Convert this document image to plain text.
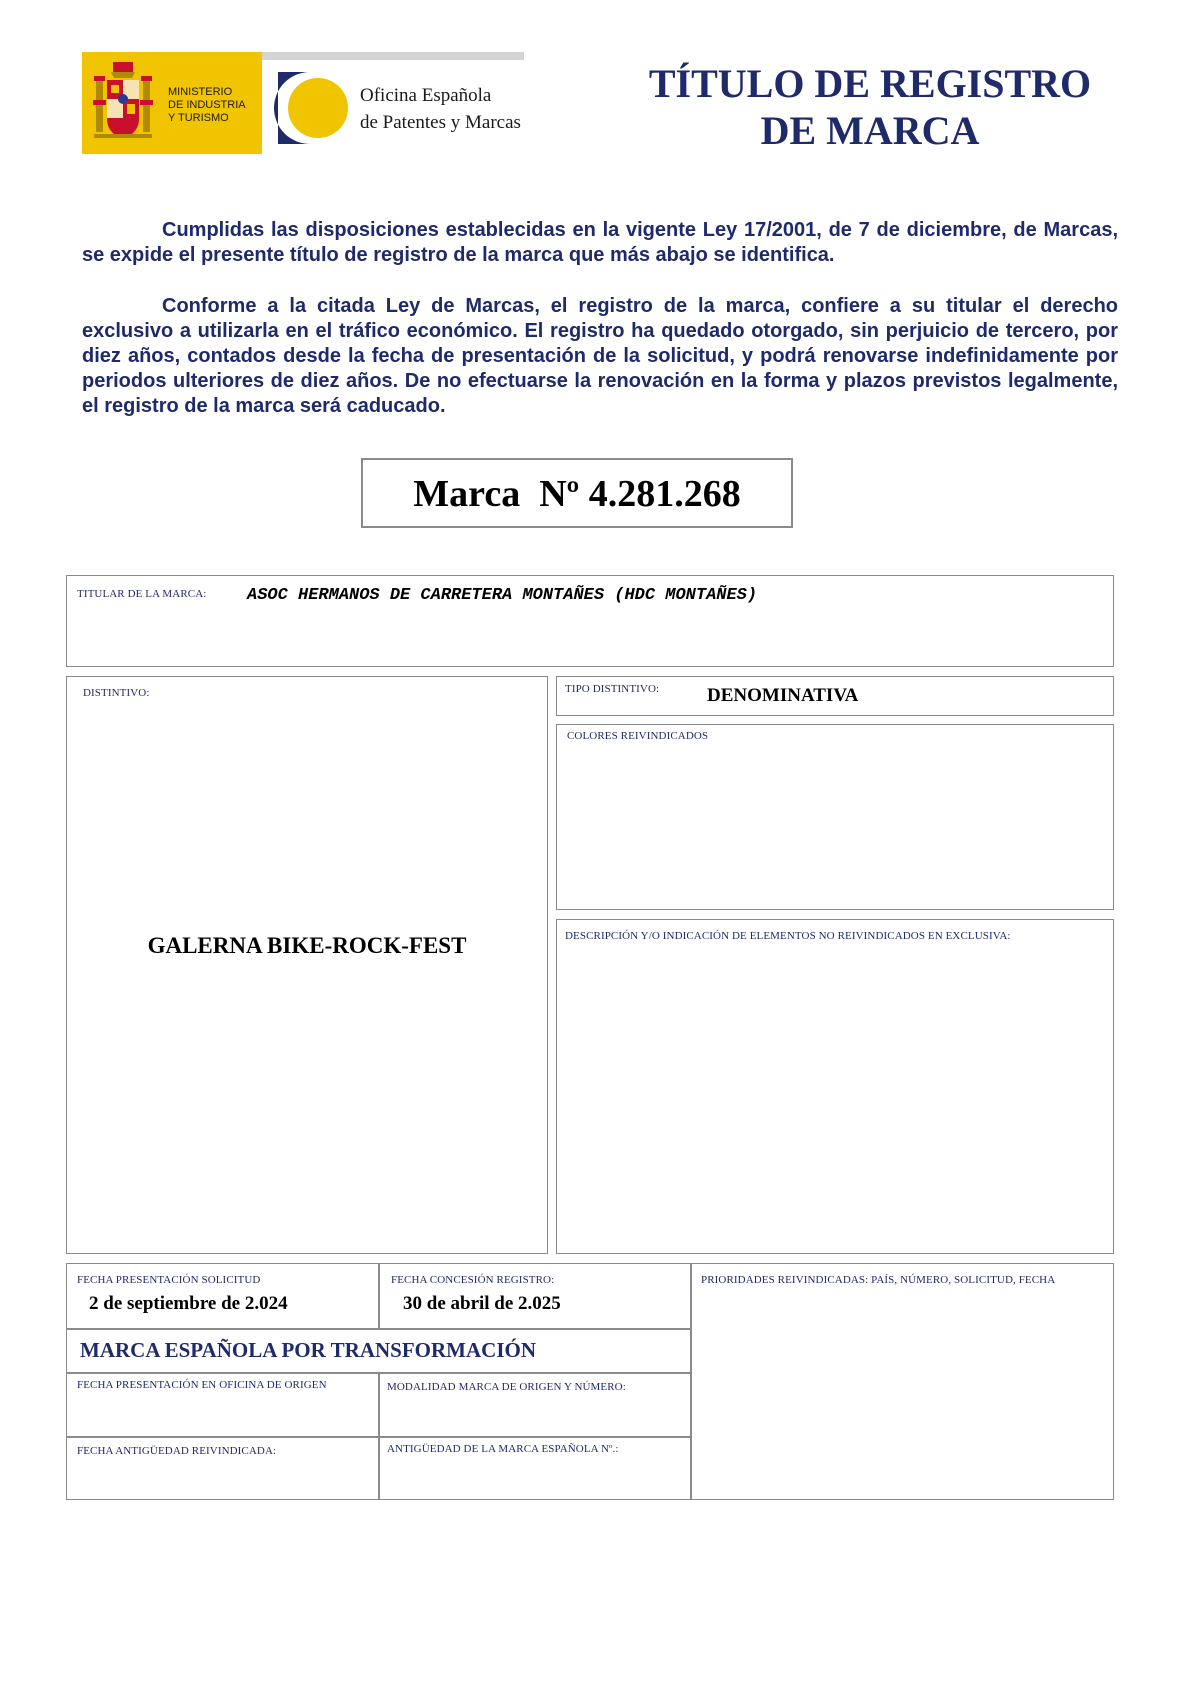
MINISTERIO
DE INDUSTRIA
Y TURISMO
Oficina Española
de Patentes y Marcas
TÍTULO DE REGISTRO
DE MARCA

Cumplidas las disposiciones establecidas en la vigente Ley 17/2001, de 7 de diciembre, de Marcas, se expide el presente título de registro de la marca que más abajo se identifica.

Conforme a la citada Ley de Marcas, el registro de la marca, confiere a su titular el derecho exclusivo a utilizarla en el tráfico económico. El registro ha quedado otorgado, sin perjuicio de tercero, por diez años, contados desde la fecha de presentación de la solicitud, y podrá renovarse indefinidamente por periodos ulteriores de diez años. De no efectuarse la renovación en la forma y plazos previstos legalmente, el registro de la marca será caducado.

Marca  Nº 4.281.268
TITULAR DE LA MARCA: ASOC HERMANOS DE CARRETERA MONTAÑES (HDC MONTAÑES)
DISTINTIVO:
GALERNA BIKE-ROCK-FEST
TIPO DISTINTIVO:	DENOMINATIVA
COLORES REIVINDICADOS
DESCRIPCIÓN Y/O INDICACIÓN DE ELEMENTOS NO REIVINDICADOS EN EXCLUSIVA:
FECHA PRESENTACIÓN SOLICITUD
2 de septiembre de 2.024
FECHA CONCESIÓN REGISTRO:
30 de abril de 2.025
PRIORIDADES REIVINDICADAS: PAÍS, NÚMERO, SOLICITUD, FECHA
MARCA ESPAÑOLA POR TRANSFORMACIÓN
FECHA PRESENTACIÓN EN OFICINA DE ORIGEN	MODALIDAD MARCA DE ORIGEN Y NÚMERO:
FECHA ANTIGÜEDAD REIVINDICADA:	ANTIGÜEDAD DE LA MARCA ESPAÑOLA Nº.:
